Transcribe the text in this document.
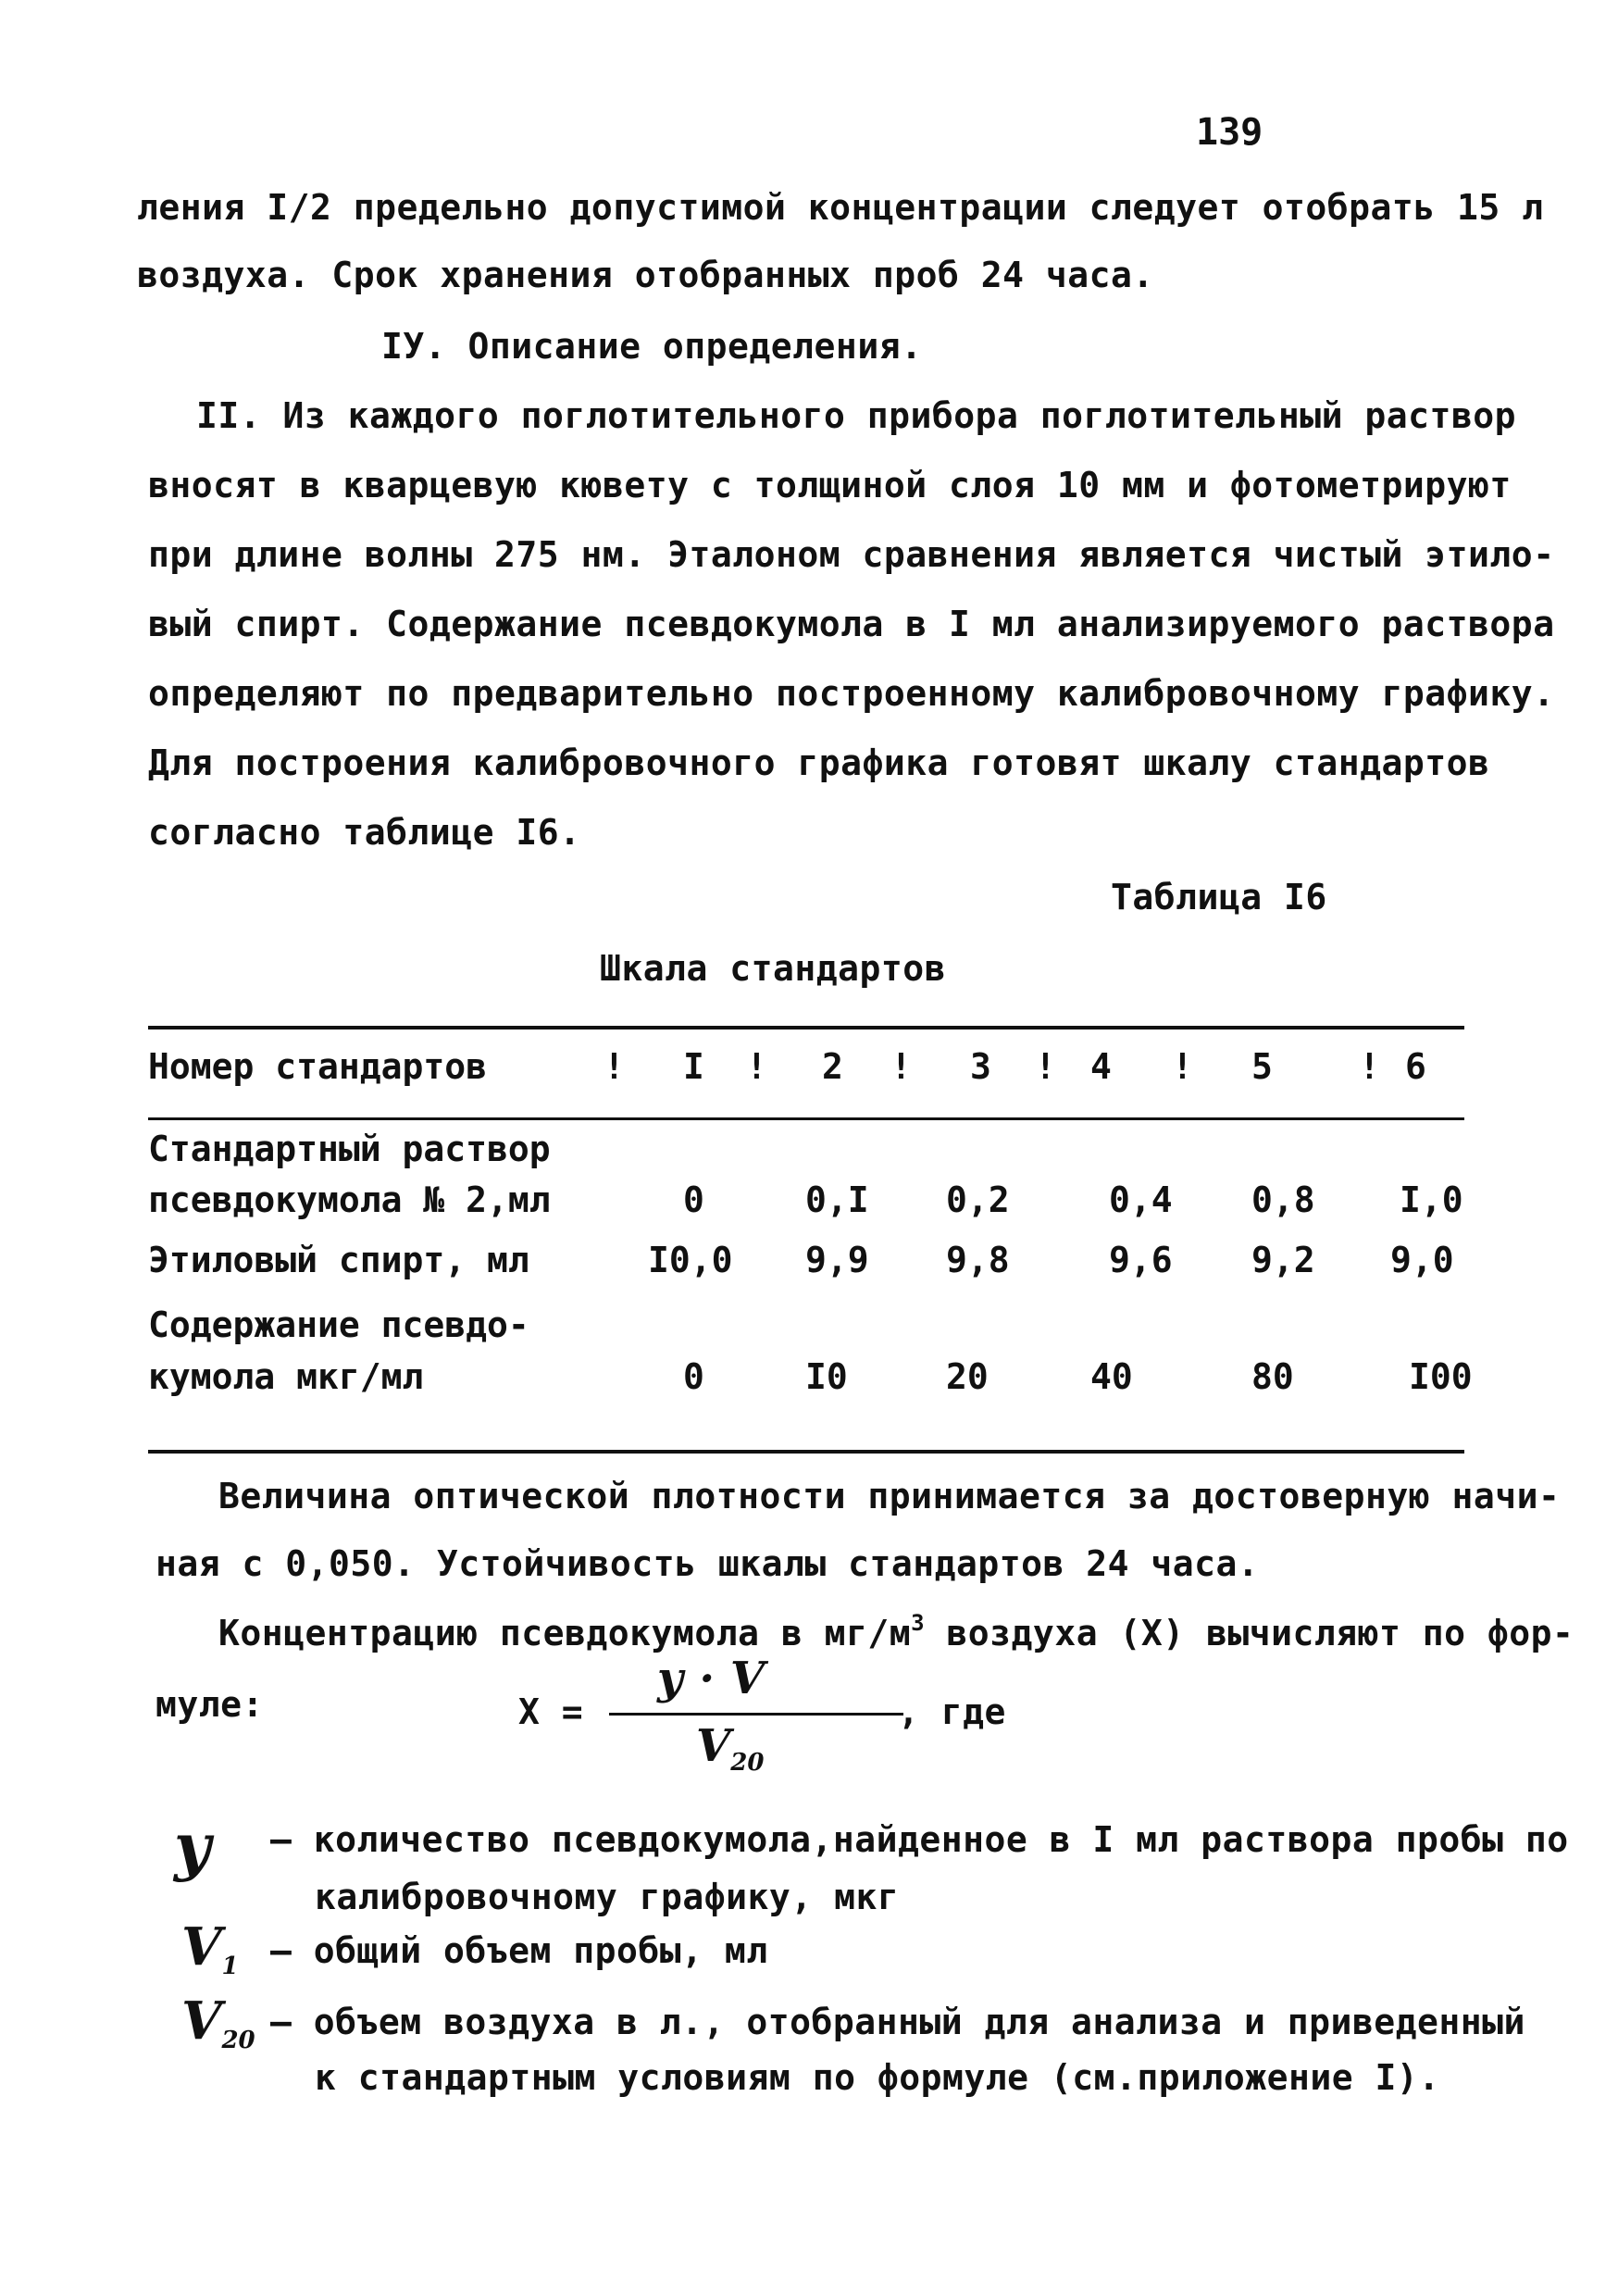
139
ления I/2 предельно допустимой концентрации следует отобрать 15 л
воздуха. Срок хранения отобранных проб 24 часа.
IУ. Описание определения.
II. Из каждого поглотительного прибора поглотительный раствор
вносят в кварцевую кювету с толщиной слоя 10 мм и фотометрируют
при длине волны 275 нм. Эталоном сравнения является чистый этило-
вый спирт. Содержание псевдокумола в I мл анализируемого раствора
определяют по предварительно построенному калибровочному графику.
Для построения калибровочного графика готовят шкалу стандартов
согласно таблице I6.
Таблица I6
Шкала стандартов
Номер стандартов	! I ! 2 ! 3 ! 4 ! 5 ! 6
Стандартный раствор
псевдокумола № 2,мл	0	0,I 0,2	0,4 0,8 I,0
Этиловый спирт, мл	I0,0 9,9 9,8	9,6 9,2 9,0
Содержание псевдо-
кумола мкг/мл	0	I0	20	40	80	I00
Величина оптической плотности принимается за достоверную начи-
ная с 0,050. Устойчивость шкалы стандартов 24 часа.
Концентрацию псевдокумола в $мг/м^3$ воздуха (Х) вычисляют по фор-
муле:	Х =
у · V
$V_{20}$
, где
у – количество псевдокумола,найденное в I мл раствора пробы по
калибровочному графику, мкг
V1 – общий объем пробы, мл
V20 – объем воздуха в л., отобранный для анализа и приведенный
к стандартным условиям по формуле (см.приложение I).
